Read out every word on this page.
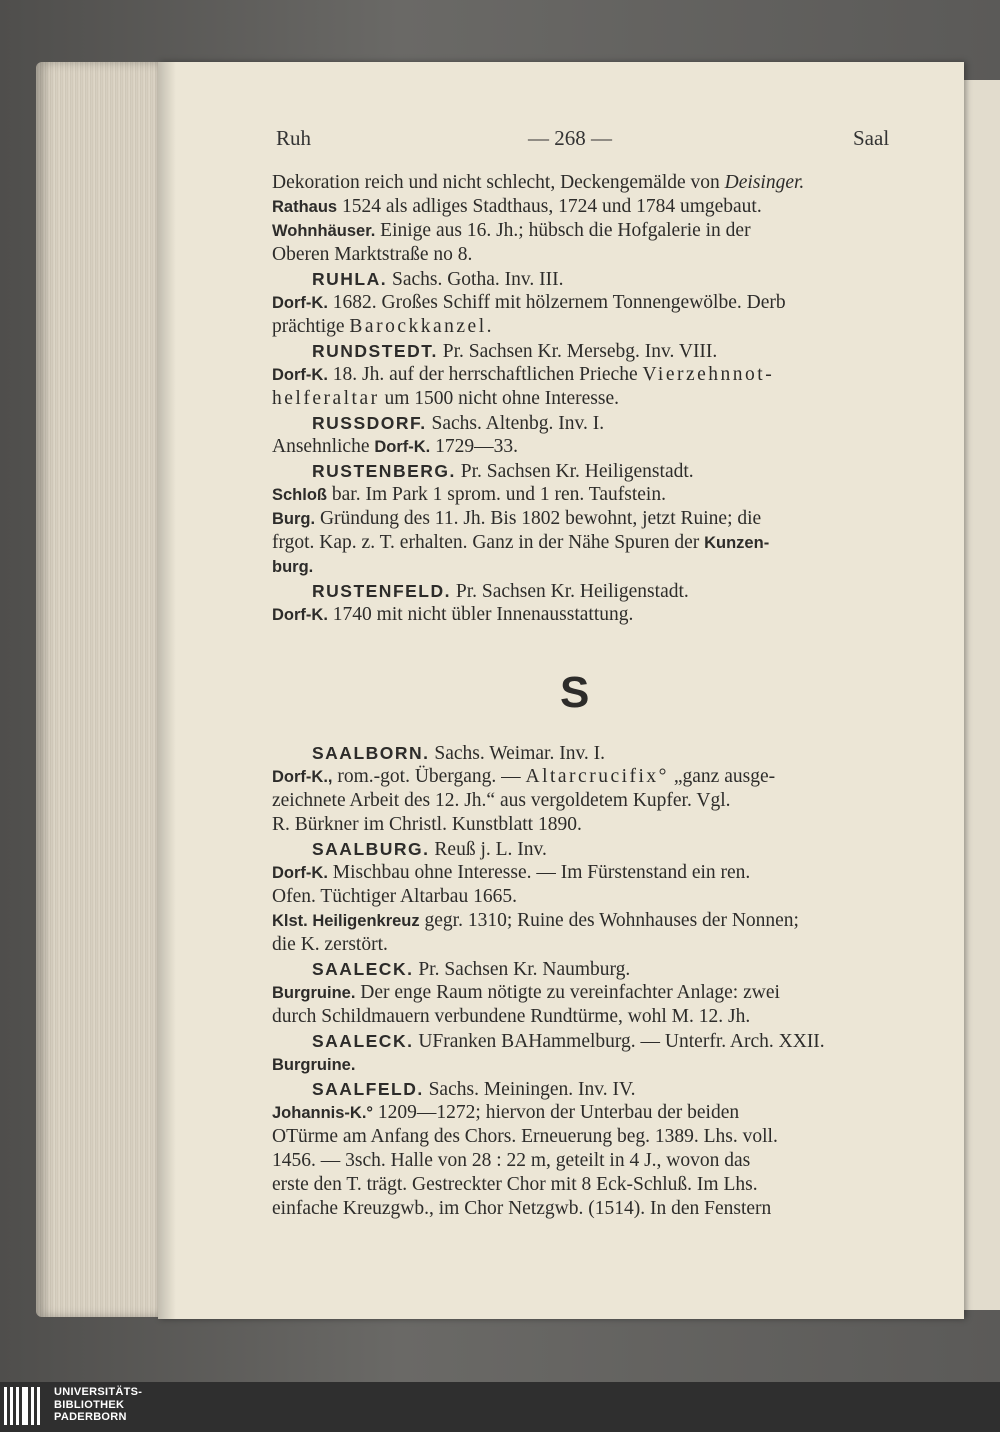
Ruh	— 268 —	Saal
Dekoration reich und nicht schlecht, Deckengemälde von Deisinger.
Rathaus 1524 als adliges Stadthaus, 1724 und 1784 umgebaut.
Wohnhäuser. Einige aus 16. Jh.; hübsch die Hofgalerie in der
Oberen Marktstraße no 8.
RUHLA. Sachs. Gotha. Inv. III.
Dorf-K. 1682. Großes Schiff mit hölzernem Tonnengewölbe. Derb
prächtige Barockkanzel.
RUNDSTEDT. Pr. Sachsen Kr. Mersebg. Inv. VIII.
Dorf-K. 18. Jh. auf der herrschaftlichen Prieche Vierzehnnot-
helferaltar um 1500 nicht ohne Interesse.
RUSSDORF. Sachs. Altenbg. Inv. I.
Ansehnliche Dorf-K. 1729—33.
RUSTENBERG. Pr. Sachsen Kr. Heiligenstadt.
Schloß bar. Im Park 1 sprom. und 1 ren. Taufstein.
Burg. Gründung des 11. Jh. Bis 1802 bewohnt, jetzt Ruine; die
frgot. Kap. z. T. erhalten. Ganz in der Nähe Spuren der Kunzen-
burg.
RUSTENFELD. Pr. Sachsen Kr. Heiligenstadt.
Dorf-K. 1740 mit nicht übler Innenausstattung.
S
SAALBORN. Sachs. Weimar. Inv. I.
Dorf-K., rom.-got. Übergang. — Altarcrucifix° „ganz ausge-
zeichnete Arbeit des 12. Jh.“ aus vergoldetem Kupfer. Vgl.
R. Bürkner im Christl. Kunstblatt 1890.
SAALBURG. Reuß j. L. Inv.
Dorf-K. Mischbau ohne Interesse. — Im Fürstenstand ein ren.
Ofen. Tüchtiger Altarbau 1665.
Klst. Heiligenkreuz gegr. 1310; Ruine des Wohnhauses der Nonnen;
die K. zerstört.
SAALECK. Pr. Sachsen Kr. Naumburg.
Burgruine. Der enge Raum nötigte zu vereinfachter Anlage: zwei
durch Schildmauern verbundene Rundtürme, wohl M. 12. Jh.
SAALECK. UFranken BAHammelburg. — Unterfr. Arch. XXII.
Burgruine.
SAALFELD. Sachs. Meiningen. Inv. IV.
Johannis-K.° 1209—1272; hiervon der Unterbau der beiden
OTürme am Anfang des Chors. Erneuerung beg. 1389. Lhs. voll.
1456. — 3sch. Halle von 28 : 22 m, geteilt in 4 J., wovon das
erste den T. trägt. Gestreckter Chor mit 8 Eck-Schluß. Im Lhs.
einfache Kreuzgwb., im Chor Netzgwb. (1514). In den Fenstern
UNIVERSITÄTS-
BIBLIOTHEK
PADERBORN
